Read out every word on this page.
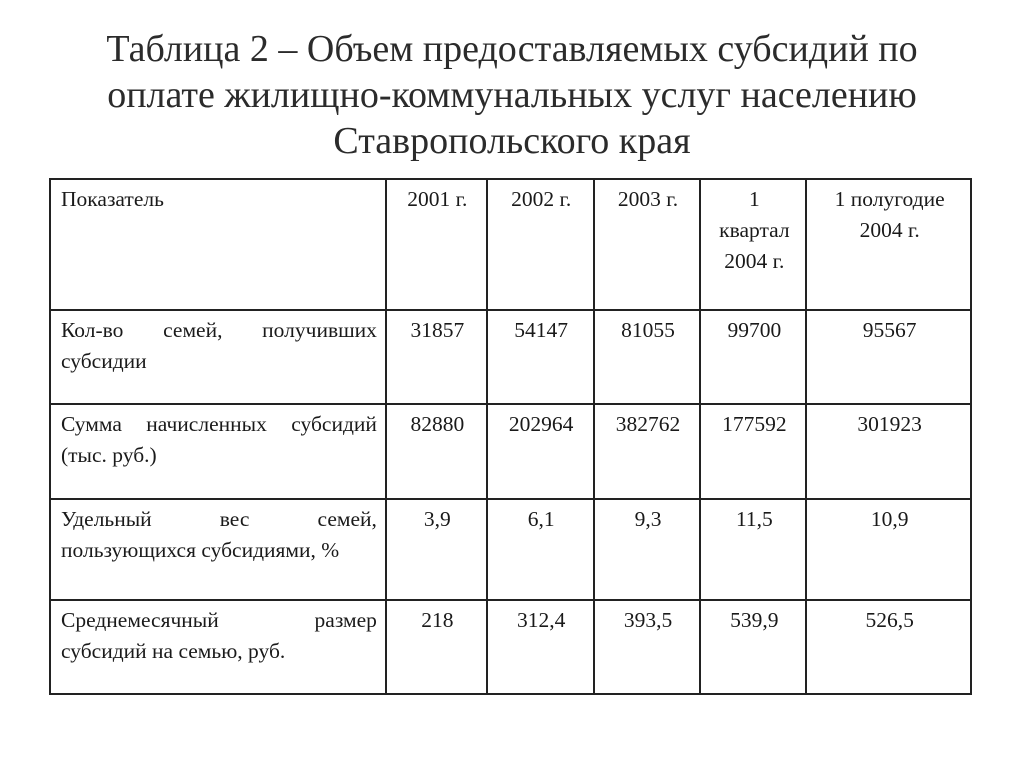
Таблица 2 – Объем предоставляемых субсидий по
оплате жилищно-коммунальных услуг населению
Ставропольского края
Показатель	2001 г.	2002 г.	2003 г.	1 квартал 2004 г.	1 полугодие 2004 г.
Кол-во семей, получивших субсидии	31857	54147	81055	99700	95567
Сумма начисленных субсидий (тыс. руб.)	82880	202964	382762	177592	301923
Удельный вес семей, пользующихся субсидиями, %	3,9	6,1	9,3	11,5	10,9
Среднемесячный размер субсидий на семью, руб.	218	312,4	393,5	539,9	526,5
